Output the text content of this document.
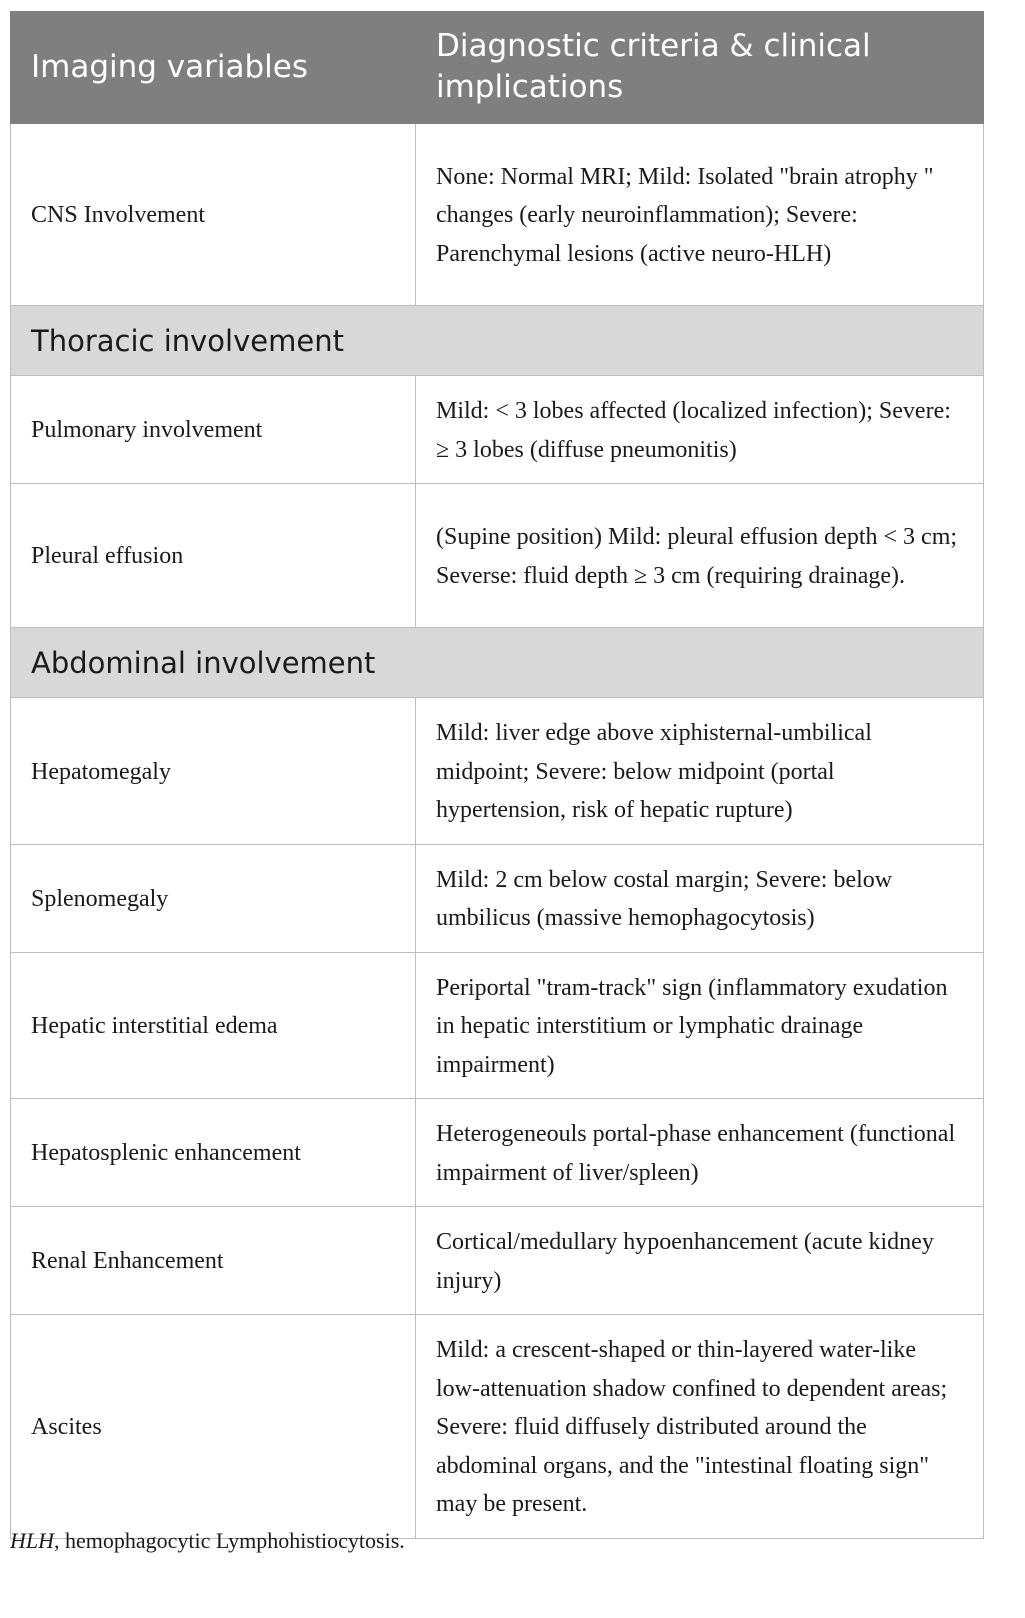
Imaging variables	Diagnostic criteria & clinical implications
CNS Involvement	None: Normal MRI; Mild: Isolated "brain atrophy " changes (early neuroinflammation); Severe: Parenchymal lesions (active neuro-HLH)
Thoracic involvement	
Pulmonary involvement	Mild: < 3 lobes affected (localized infection); Severe: ≥ 3 lobes (diffuse pneumonitis)
Pleural effusion	(Supine position) Mild: pleural effusion depth < 3 cm; Severse: fluid depth ≥ 3 cm (requiring drainage).
Abdominal involvement	
Hepatomegaly	Mild: liver edge above xiphisternal-umbilical midpoint; Severe: below midpoint (portal hypertension, risk of hepatic rupture)
Splenomegaly	Mild: 2 cm below costal margin; Severe: below umbilicus (massive hemophagocytosis)
Hepatic interstitial edema	Periportal "tram-track" sign (inflammatory exudation in hepatic interstitium or lymphatic drainage impairment)
Hepatosplenic enhancement	Heterogeneouls portal-phase enhancement (functional impairment of liver/spleen)
Renal Enhancement	Cortical/medullary hypoenhancement (acute kidney injury)
Ascites	Mild: a crescent-shaped or thin-layered water-like low-attenuation shadow confined to dependent areas; Severe: fluid diffusely distributed around the abdominal organs, and the "intestinal floating sign" may be present.
HLH, hemophagocytic Lymphohistiocytosis.
